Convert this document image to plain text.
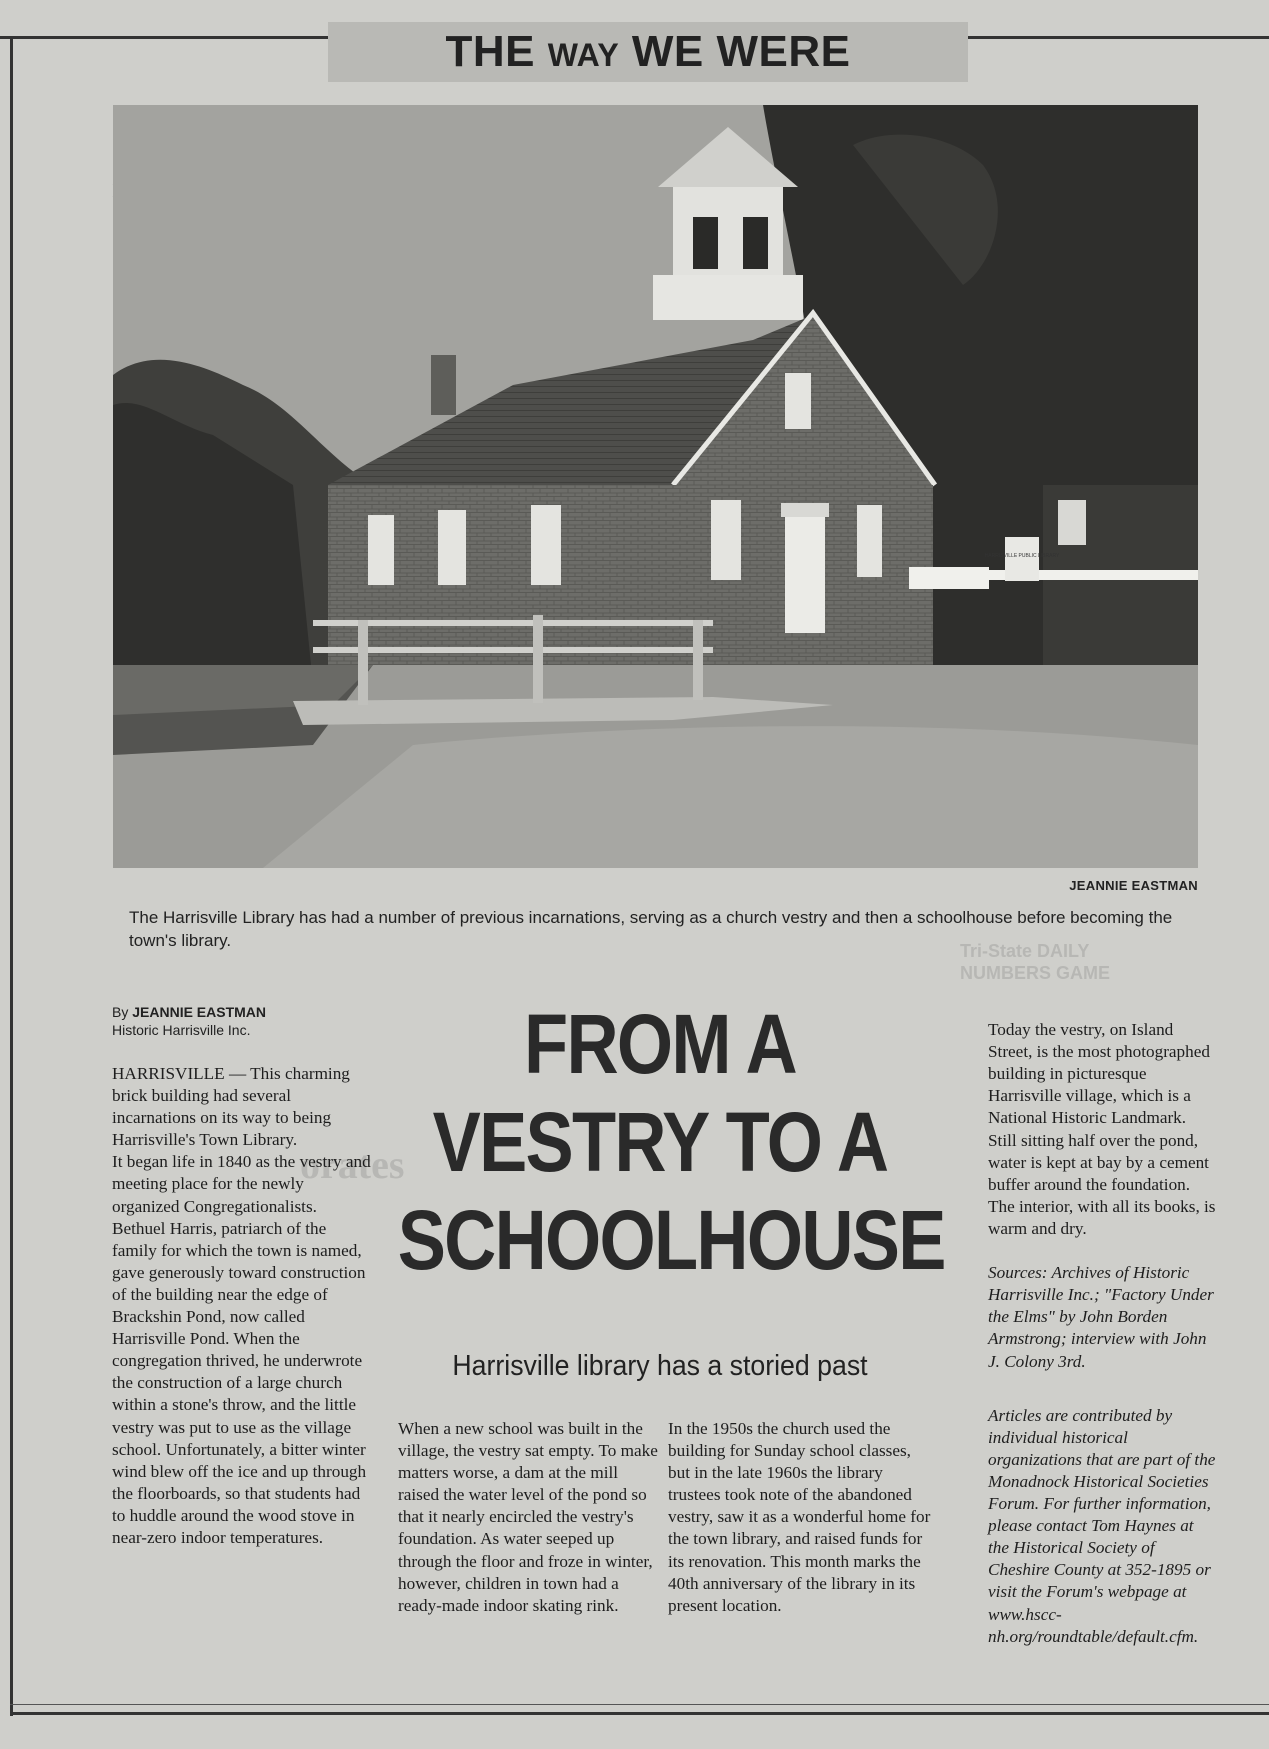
orates
Tri-State DAILY NUMBERS GAME
THE WAY WE WERE
HARRISVILLE PUBLIC LIBRARY
JEANNIE EASTMAN
The Harrisville Library has had a number of previous incarnations, serving as a church vestry and then a schoolhouse before becoming the town's library.
By JEANNIE EASTMAN
Historic Harrisville Inc.	FROM A
VESTRY TO A
SCHOOLHOUSE
Harrisville library has a storied past
HARRISVILLE — This charming brick building had several incarnations on its way to being Harrisville's Town Library.
It began life in 1840 as the vestry and meeting place for the newly organized Congregationalists. Bethuel Harris, patriarch of the family for which the town is named, gave generously toward construction of the building near the edge of Brackshin Pond, now called Harrisville Pond. When the congregation thrived, he underwrote the construction of a large church within a stone's throw, and the little vestry was put to use as the village school. Unfortunately, a bitter winter wind blew off the ice and up through the floorboards, so that students had to huddle around the wood stove in near-zero indoor temperatures.
When a new school was built in the village, the vestry sat empty. To make matters worse, a dam at the mill raised the water level of the pond so that it nearly encircled the vestry's foundation. As water seeped up through the floor and froze in winter, however, children in town had a ready-made indoor skating rink.
In the 1950s the church used the building for Sunday school classes, but in the late 1960s the library trustees took note of the abandoned vestry, saw it as a wonderful home for the town library, and raised funds for its renovation. This month marks the 40th anniversary of the library in its present location.

Today the vestry, on Island Street, is the most photographed building in picturesque Harrisville village, which is a National Historic Landmark. Still sitting half over the pond, water is kept at bay by a cement buffer around the foundation. The interior, with all its books, is warm and dry.

Sources: Archives of Historic Harrisville Inc.; "Factory Under the Elms" by John Borden Armstrong; interview with John J. Colony 3rd.

Articles are contributed by individual historical organizations that are part of the Monadnock Historical Societies Forum. For further information, please contact Tom Haynes at the Historical Society of Cheshire County at 352-1895 or visit the Forum's webpage at www.hscc-nh.org/roundtable/default.cfm.
